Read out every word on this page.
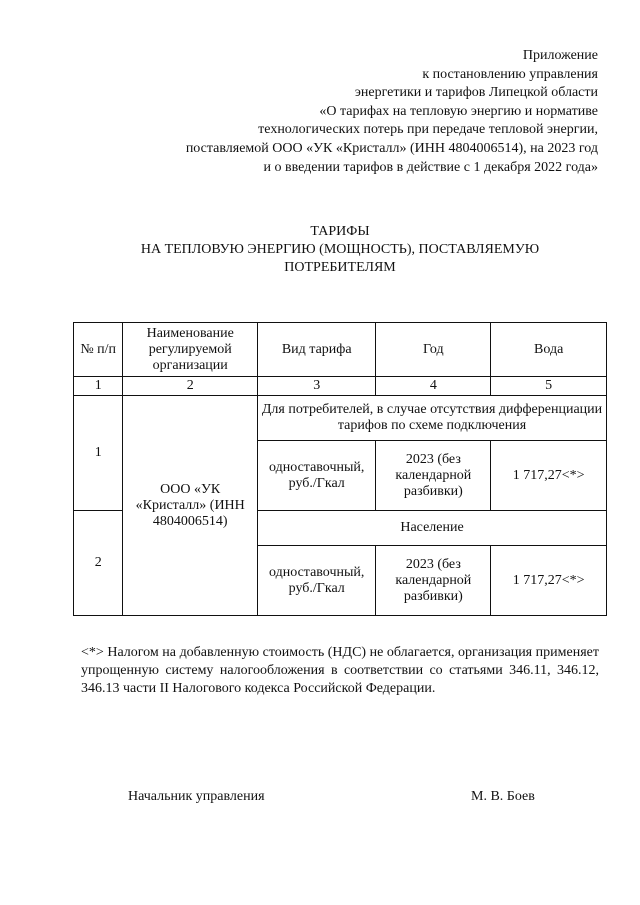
Приложение
к постановлению управления
энергетики и тарифов Липецкой области
«О тарифах на тепловую энергию и нормативе
технологических потерь при передаче тепловой энергии,
поставляемой ООО «УК «Кристалл» (ИНН 4804006514), на 2023 год
и о введении тарифов в действие с 1 декабря 2022 года»
ТАРИФЫ
НА ТЕПЛОВУЮ ЭНЕРГИЮ (МОЩНОСТЬ), ПОСТАВЛЯЕМУЮ
ПОТРЕБИТЕЛЯМ
№ п/п	Наименование регулируемой организации	Вид тарифа	Год	Вода
1	2	3	4	5
1	ООО «УК «Кристалл» (ИНН 4804006514)	Для потребителей, в случае отсутствия дифференциации тарифов по схеме подключения		
		одноставочный, руб./Гкал	2023 (без календарной разбивки)	1 717,27<*>
2		Население		
		одноставочный, руб./Гкал	2023 (без календарной разбивки)	1 717,27<*>
<*> Налогом на добавленную стоимость (НДС) не облагается, организация применяет упрощенную систему налогообложения в соответствии со статьями 346.11, 346.12, 346.13 части II Налогового кодекса Российской Федерации.
Начальник управления	М. В. Боев
